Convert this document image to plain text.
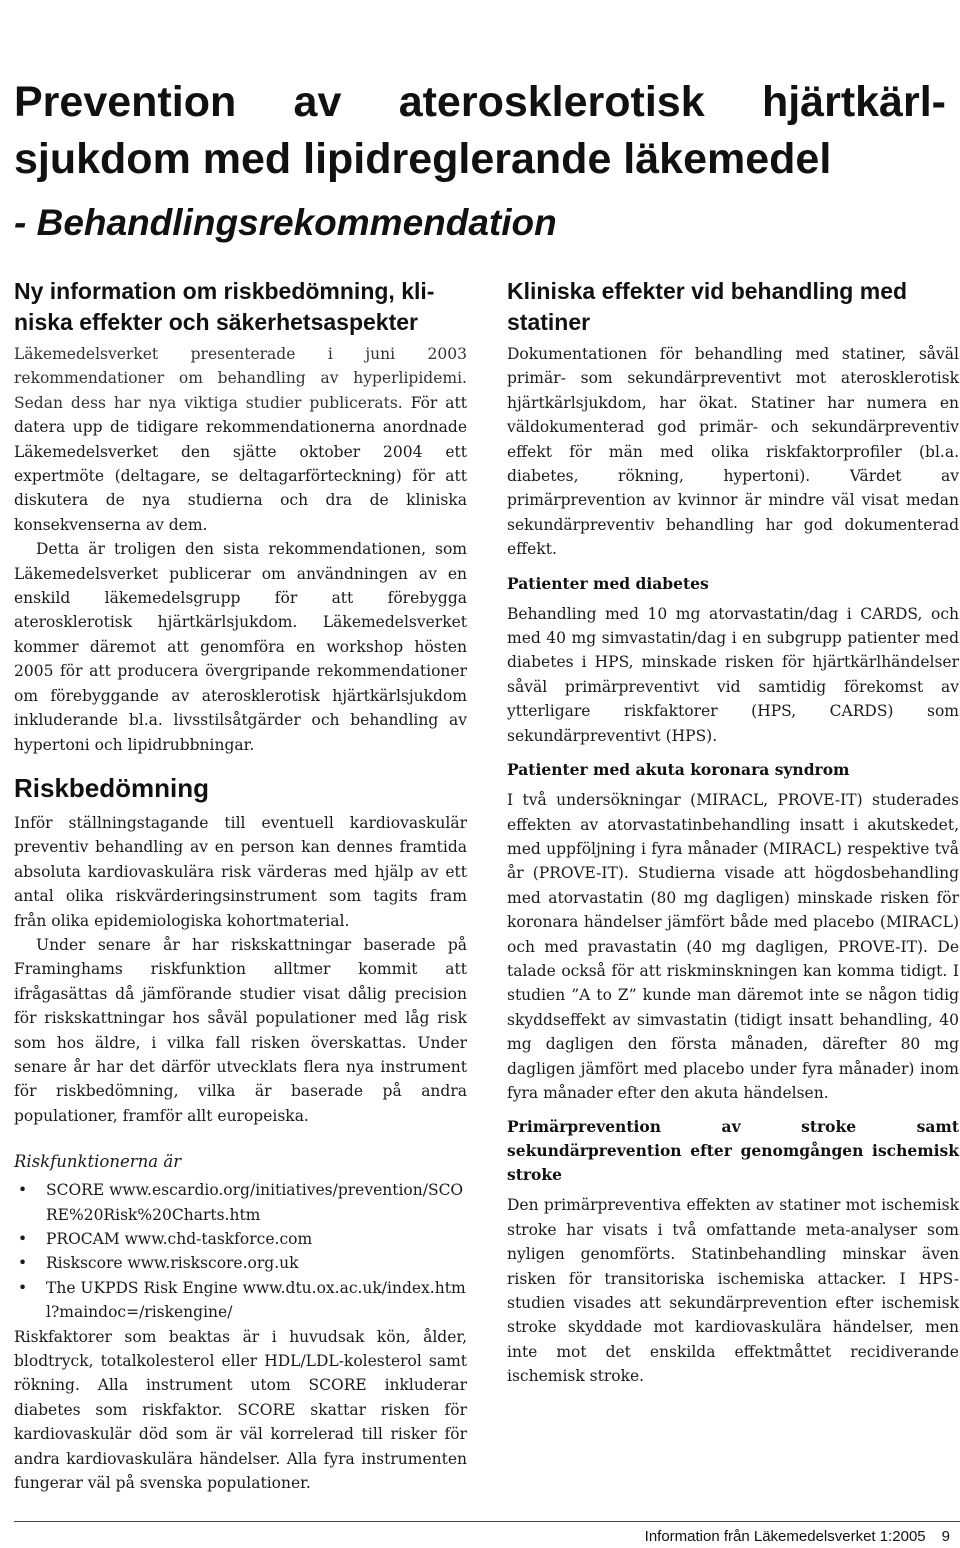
Prevention av aterosklerotisk hjärtkärl-
sjukdom med lipidreglerande läkemedel
- Behandlingsrekommendation
Ny information om riskbedömning, kli-
niska effekter och säkerhetsaspekter

Läkemedelsverket presenterade i juni 2003 rekommendationer om behandling av hyperlipidemi. Sedan dess har nya viktiga studier publicerats. För att datera upp de tidigare rekommendationerna anordnade Läkemedelsverket den sjätte oktober 2004 ett expertmöte (deltagare, se deltagarförteckning) för att diskutera de nya studierna och dra de kliniska konsekvenserna av dem.

Detta är troligen den sista rekommendationen, som Läkemedelsverket publicerar om användningen av en enskild läkemedelsgrupp för att förebygga aterosklerotisk hjärtkärlsjukdom. Läkemedelsverket kommer däremot att genomföra en workshop hösten 2005 för att producera övergripande rekommendationer om förebyggande av aterosklerotisk hjärtkärlsjukdom inkluderande bl.a. livsstilsåtgärder och behandling av hypertoni och lipidrubbningar.

Riskbedömning

Inför ställningstagande till eventuell kardiovaskulär preventiv behandling av en person kan dennes framtida absoluta kardiovaskulära risk värderas med hjälp av ett antal olika riskvärderingsinstrument som tagits fram från olika epidemiologiska kohortmaterial.

Under senare år har riskskattningar baserade på Framinghams riskfunktion alltmer kommit att ifrågasättas då jämförande studier visat dålig precision för riskskattningar hos såväl populationer med låg risk som hos äldre, i vilka fall risken överskattas. Under senare år har det därför utvecklats flera nya instrument för riskbedömning, vilka är baserade på andra populationer, framför allt europeiska.

Riskfunktionerna är
• SCORE www.escardio.org/initiatives/prevention/SCORE%20Risk%20Charts.htm
• PROCAM www.chd-taskforce.com
• Riskscore www.riskscore.org.uk
• The UKPDS Risk Engine www.dtu.ox.ac.uk/index.html?maindoc=/riskengine/

Riskfaktorer som beaktas är i huvudsak kön, ålder, blodtryck, totalkolesterol eller HDL/LDL-kolesterol samt rökning. Alla instrument utom SCORE inkluderar diabetes som riskfaktor. SCORE skattar risken för kardiovaskulär död som är väl korrelerad till risker för andra kardiovaskulära händelser. Alla fyra instrumenten fungerar väl på svenska populationer.

Kliniska effekter vid behandling med
statiner

Dokumentationen för behandling med statiner, såväl primär- som sekundärpreventivt mot aterosklerotisk hjärtkärlsjukdom, har ökat. Statiner har numera en väldokumenterad god primär- och sekundärpreventiv effekt för män med olika riskfaktorprofiler (bl.a. diabetes, rökning, hypertoni). Värdet av primärprevention av kvinnor är mindre väl visat medan sekundärpreventiv behandling har god dokumenterad effekt.

Patienter med diabetes

Behandling med 10 mg atorvastatin/dag i CARDS, och med 40 mg simvastatin/dag i en subgrupp patienter med diabetes i HPS, minskade risken för hjärtkärlhändelser såväl primärpreventivt vid samtidig förekomst av ytterligare riskfaktorer (HPS, CARDS) som sekundärpreventivt (HPS).

Patienter med akuta koronara syndrom

I två undersökningar (MIRACL, PROVE-IT) studerades effekten av atorvastatinbehandling insatt i akutskedet, med uppföljning i fyra månader (MIRACL) respektive två år (PROVE-IT). Studierna visade att högdosbehandling med atorvastatin (80 mg dagligen) minskade risken för koronara händelser jämfört både med placebo (MIRACL) och med pravastatin (40 mg dagligen, PROVE-IT). De talade också för att riskminskningen kan komma tidigt. I studien ”A to Z” kunde man däremot inte se någon tidig skyddseffekt av simvastatin (tidigt insatt behandling, 40 mg dagligen den första månaden, därefter 80 mg dagligen jämfört med placebo under fyra månader) inom fyra månader efter den akuta händelsen.

Primärprevention av stroke samt sekundärprevention efter genomgången ischemisk stroke

Den primärpreventiva effekten av statiner mot ischemisk stroke har visats i två omfattande meta-analyser som nyligen genomförts. Statinbehandling minskar även risken för transitoriska ischemiska attacker. I HPS- studien visades att sekundärprevention efter ischemisk stroke skyddade mot kardiovaskulära händelser, men inte mot det enskilda effektmåttet recidiverande ischemisk stroke.

Information från Läkemedelsverket 1:2005 9
